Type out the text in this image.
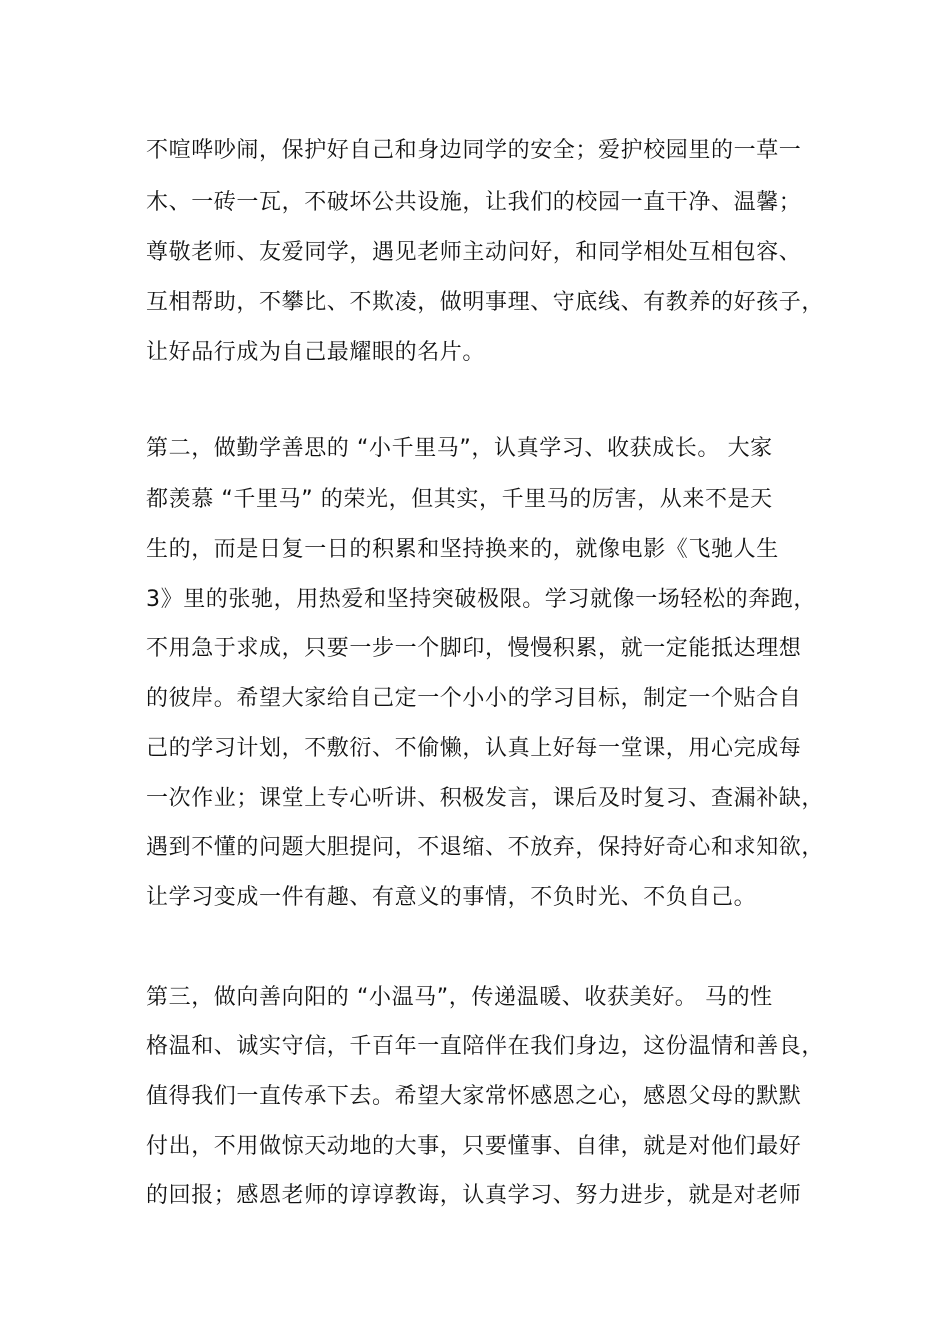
不喧哗吵闹，保护好自己和身边同学的安全；爱护校园里的一草一
木、一砖一瓦，不破坏公共设施，让我们的校园一直干净、温馨；
尊敬老师、友爱同学，遇见老师主动问好，和同学相处互相包容、
互相帮助，不攀比、不欺凌，做明事理、守底线、有教养的好孩子，
让好品行成为自己最耀眼的名片。
第二，做勤学善思的 “小千里马”，认真学习、收获成长。 大家
都羡慕 “千里马” 的荣光，但其实，千里马的厉害，从来不是天
生的，而是日复一日的积累和坚持换来的，就像电影《飞驰人生
3》里的张驰，用热爱和坚持突破极限。学习就像一场轻松的奔跑，
不用急于求成，只要一步一个脚印，慢慢积累，就一定能抵达理想
的彼岸。希望大家给自己定一个小小的学习目标，制定一个贴合自
己的学习计划，不敷衍、不偷懒，认真上好每一堂课，用心完成每
一次作业；课堂上专心听讲、积极发言，课后及时复习、查漏补缺，
遇到不懂的问题大胆提问，不退缩、不放弃，保持好奇心和求知欲，
让学习变成一件有趣、有意义的事情，不负时光、不负自己。
第三，做向善向阳的 “小温马”，传递温暖、收获美好。 马的性
格温和、诚实守信，千百年一直陪伴在我们身边，这份温情和善良，
值得我们一直传承下去。希望大家常怀感恩之心，感恩父母的默默
付出，不用做惊天动地的大事，只要懂事、自律，就是对他们最好
的回报；感恩老师的谆谆教诲，认真学习、努力进步，就是对老师
